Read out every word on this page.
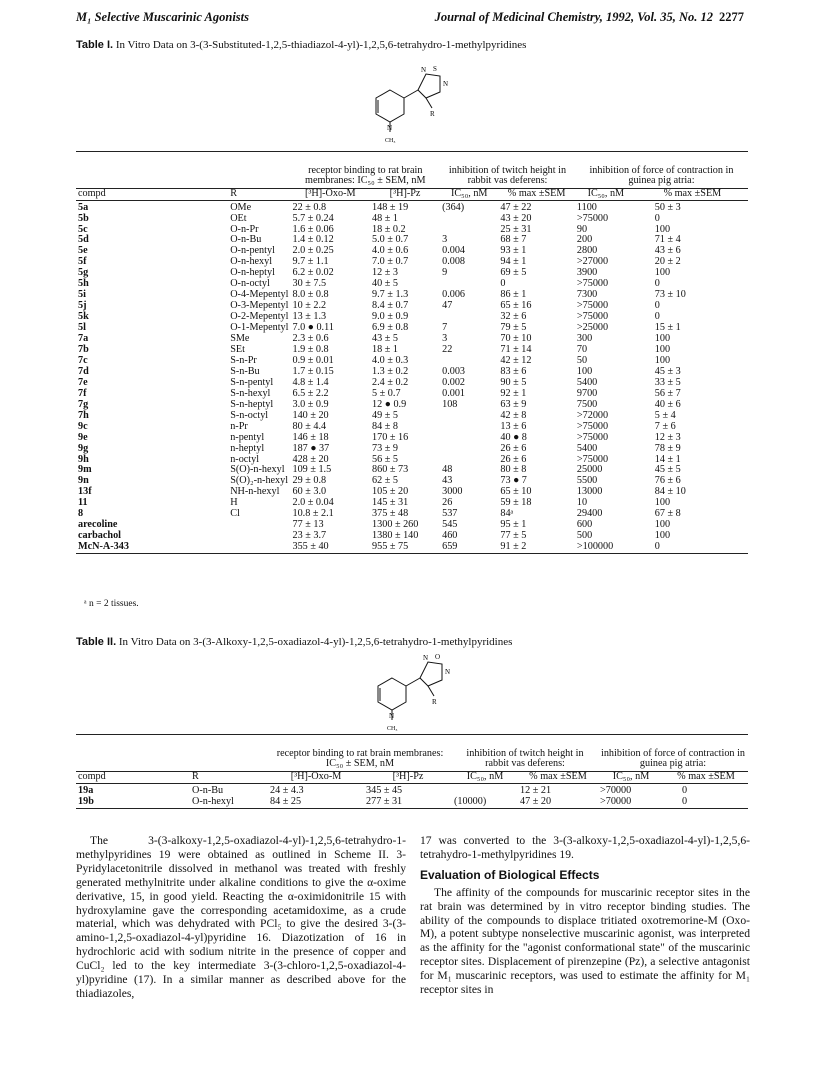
M₁ Selective Muscarinic Agonists	Journal of Medicinal Chemistry, 1992, Vol. 35, No. 12 2277
Table I. In Vitro Data on 3-(3-Substituted-1,2,5-thiadiazol-4-yl)-1,2,5,6-tetrahydro-1-methylpyridines
N S
N
R
N
CH₃
		receptor binding to rat brain membranes: IC₅₀ ± SEM, nM		inhibition of twitch height in rabbit vas deferens:		inhibition of force of contraction in guinea pig atria:	
compd	R	[³H]-Oxo-M	[³H]-Pz	IC₅₀, nM	% max ±SEM	IC₅₀, nM	% max ±SEM
5a	OMe	22 ± 0.8	148 ± 19	(364)	47 ± 22	1100	50 ± 3
5b	OEt	5.7 ± 0.24	48 ± 1		43 ± 20	>75000	0
5c	O-n-Pr	1.6 ± 0.06	18 ± 0.2		25 ± 31	90	100
5d	O-n-Bu	1.4 ± 0.12	5.0 ± 0.7	3	68 ± 7	200	71 ± 4
5e	O-n-pentyl	2.0 ± 0.25	4.0 ± 0.6	0.004	93 ± 1	2800	43 ± 6
5f	O-n-hexyl	9.7 ± 1.1	7.0 ± 0.7	0.008	94 ± 1	>27000	20 ± 2
5g	O-n-heptyl	6.2 ± 0.02	12 ± 3	9	69 ± 5	3900	100
5h	O-n-octyl	30 ± 7.5	40 ± 5		0	>75000	0
5i	O-4-Mepentyl	8.0 ± 0.8	9.7 ± 1.3	0.006	86 ± 1	7300	73 ± 10
5j	O-3-Mepentyl	10 ± 2.2	8.4 ± 0.7	47	65 ± 16	>75000	0
5k	O-2-Mepentyl	13 ± 1.3	9.0 ± 0.9		32 ± 6	>75000	0
5l	O-1-Mepentyl	7.0 ● 0.11	6.9 ± 0.8	7	79 ± 5	>25000	15 ± 1
7a	SMe	2.3 ± 0.6	43 ± 5	3	70 ± 10	300	100
7b	SEt	1.9 ± 0.8	18 ± 1	22	71 ± 14	70	100
7c	S-n-Pr	0.9 ± 0.01	4.0 ± 0.3		42 ± 12	50	100
7d	S-n-Bu	1.7 ± 0.15	1.3 ± 0.2	0.003	83 ± 6	100	45 ± 3
7e	S-n-pentyl	4.8 ± 1.4	2.4 ± 0.2	0.002	90 ± 5	5400	33 ± 5
7f	S-n-hexyl	6.5 ± 2.2	5 ± 0.7	0.001	92 ± 1	9700	56 ± 7
7g	S-n-heptyl	3.0 ± 0.9	12 ● 0.9	108	63 ± 9	7500	40 ± 6
7h	S-n-octyl	140 ± 20	49 ± 5		42 ± 8	>72000	5 ± 4
9c	n-Pr	80 ± 4.4	84 ± 8		13 ± 6	>75000	7 ± 6
9e	n-pentyl	146 ± 18	170 ± 16		40 ● 8	>75000	12 ± 3
9g	n-heptyl	187 ● 37	73 ± 9		26 ± 6	5400	78 ± 9
9h	n-octyl	428 ± 20	56 ± 5		26 ± 6	>75000	14 ± 1
9m	S(O)-n-hexyl	109 ± 1.5	860 ± 73	48	80 ± 8	25000	45 ± 5
9n	S(O)₂-n-hexyl	29 ± 0.8	62 ± 5	43	73 ● 7	5500	76 ± 6
13f	NH-n-hexyl	60 ± 3.0	105 ± 20	3000	65 ± 10	13000	84 ± 10
11	H	2.0 ± 0.04	145 ± 31	26	59 ± 18	10	100
8	Cl	10.8 ± 2.1	375 ± 48	537	84ᵃ	29400	67 ± 8
arecoline		77 ± 13	1300 ± 260	545	95 ± 1	600	100
carbachol		23 ± 3.7	1380 ± 140	460	77 ± 5	500	100
McN-A-343		355 ± 40	955 ± 75	659	91 ± 2	>100000	0
ᵃ n = 2 tissues.
Table II. In Vitro Data on 3-(3-Alkoxy-1,2,5-oxadiazol-4-yl)-1,2,5,6-tetrahydro-1-methylpyridines
N O
N
R
N
CH₃
		receptor binding to rat brain membranes: IC₅₀ ± SEM, nM		inhibition of twitch height in rabbit vas deferens:		inhibition of force of contraction in guinea pig atria:	
compd	R	[³H]-Oxo-M	[³H]-Pz	IC₅₀, nM	% max ±SEM	IC₅₀, nM	% max ±SEM
19a	O-n-Bu	24 ± 4.3	345 ± 45		12 ± 21	>70000	0
19b	O-n-hexyl	84 ± 25	277 ± 31	(10000)	47 ± 20	>70000	0
The 3-(3-alkoxy-1,2,5-oxadiazol-4-yl)-1,2,5,6-tetrahydro-1-methylpyridines 19 were obtained as outlined in Scheme II. 3-Pyridylacetonitrile dissolved in methanol was treated with freshly generated methylnitrite under alkaline conditions to give the α-oxime derivative, 15, in good yield. Reacting the α-oximidonitrile 15 with hydroxylamine gave the corresponding acetamidoxime, as a crude material, which was dehydrated with PCl₅ to give the desired 3-(3-amino-1,2,5-oxadiazol-4-yl)pyridine 16. Diazotization of 16 in hydrochloric acid with sodium nitrite in the presence of copper and CuCl₂ led to the key intermediate 3-(3-chloro-1,2,5-oxadiazol-4-yl)pyridine (17). In a similar manner as described above for the thiadiazoles,
17 was converted to the 3-(3-alkoxy-1,2,5-oxadiazol-4-yl)-1,2,5,6-tetrahydro-1-methylpyridines 19.
Evaluation of Biological Effects
The affinity of the compounds for muscarinic receptor sites in the rat brain was determined by in vitro receptor binding studies. The ability of the compounds to displace tritiated oxotremorine-M (Oxo-M), a potent subtype nonselective muscarinic agonist, was interpreted as the affinity for the "agonist conformational state" of the muscarinic receptor sites. Displacement of pirenzepine (Pz), a selective antagonist for M₁ muscarinic receptors, was used to estimate the affinity for M₁ receptor sites in
